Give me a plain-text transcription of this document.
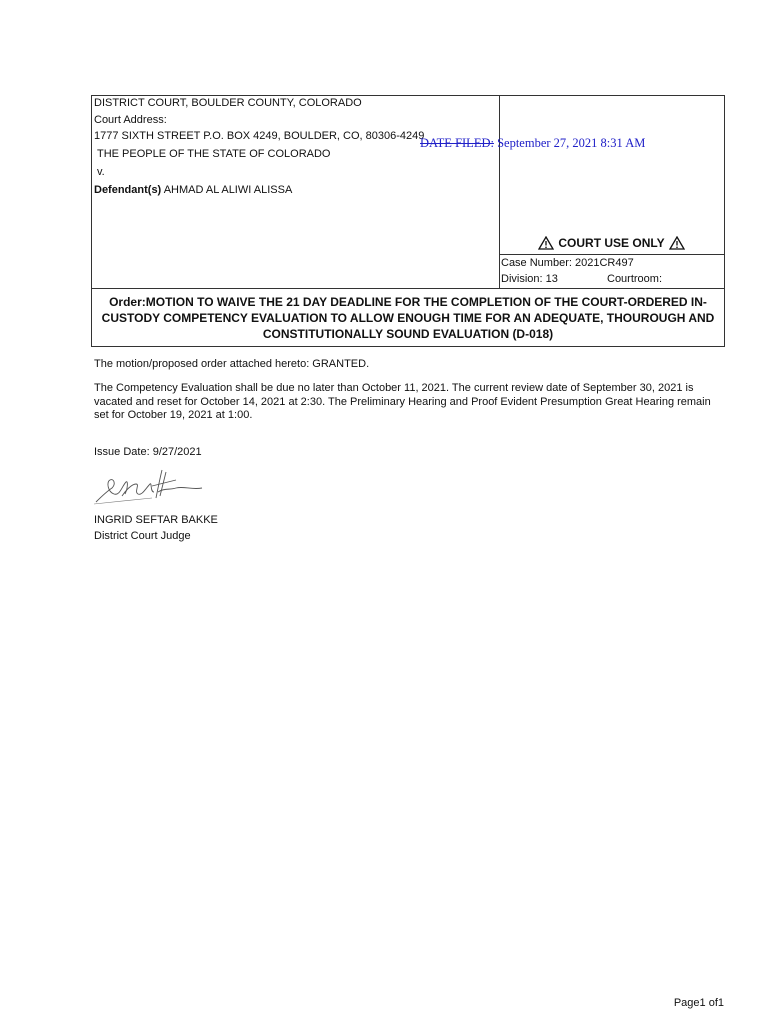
DISTRICT COURT, BOULDER COUNTY, COLORADO
Court Address:
1777 SIXTH STREET P.O. BOX 4249, BOULDER, CO, 80306-4249
THE PEOPLE OF THE STATE OF COLORADO
v.
Defendant(s) AHMAD AL ALIWI ALISSA
COURT USE ONLY
Case Number: 2021CR497
Division: 13	Courtroom:
DATE FILED: September 27, 2021 8:31 AM
Order:MOTION TO WAIVE THE 21 DAY DEADLINE FOR THE COMPLETION OF THE COURT-ORDERED IN-CUSTODY COMPETENCY EVALUATION TO ALLOW ENOUGH TIME FOR AN ADEQUATE, THOUROUGH AND CONSTITUTIONALLY SOUND EVALUATION (D-018)
The motion/proposed order attached hereto: GRANTED.
The Competency Evaluation shall be due no later than October 11, 2021. The current review date of September 30, 2021 is vacated and reset for October 14, 2021 at 2:30. The Preliminary Hearing and Proof Evident Presumption Great Hearing remain set for October 19, 2021 at 1:00.
Issue Date: 9/27/2021
INGRID SEFTAR BAKKE
District Court Judge
Page1 of1
